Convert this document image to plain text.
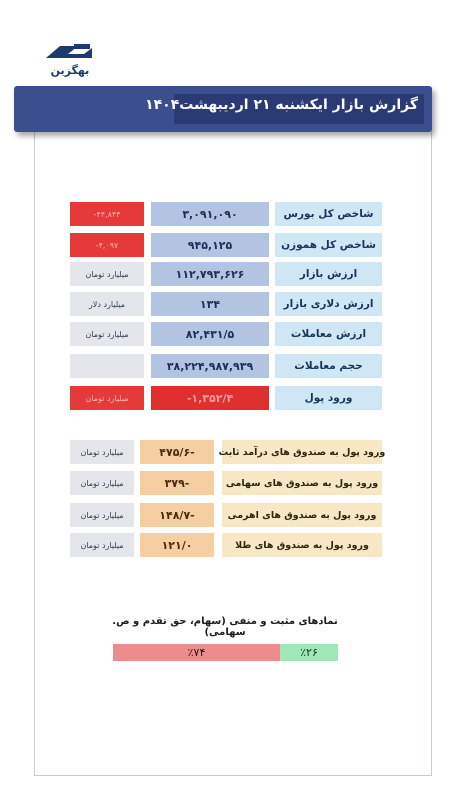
بهگزین
گزارش بازار ایکشنبه ۲۱ اردیبهشت۱۴۰۴
شاخص کل بورس
۳,۰۹۱,۰۹۰
۴۴,۸۴۴-
شاخص کل هموزن
۹۴۵,۱۲۵
۴,۰۹۷-
ارزش بازار
۱۱۲,۷۹۳,۶۲۶
میلیارد تومان
ارزش دلاری بازار
۱۳۴
میلیارد دلار
ارزش معاملات
۸۲,۴۳۱/۵
میلیارد تومان
حجم معاملات
۳۸,۲۲۴,۹۸۷,۹۳۹
ورود پول
۱,۳۵۲/۴-
میلیارد تومان
ورود پول به صندوق های درآمد ثابت
-۴۷۵/۶
میلیارد تومان
ورود پول به صندوق های سهامی
-۳۷۹
میلیارد تومان
ورود پول به صندوق های اهرمی
-۱۴۸/۷
میلیارد تومان
ورود پول به صندوق های طلا
۱۲۱/۰
میلیارد تومان
نمادهای مثبت و منفی (سهام، حق تقدم و ص. سهامی)
٪۷۴	٪۲۶
